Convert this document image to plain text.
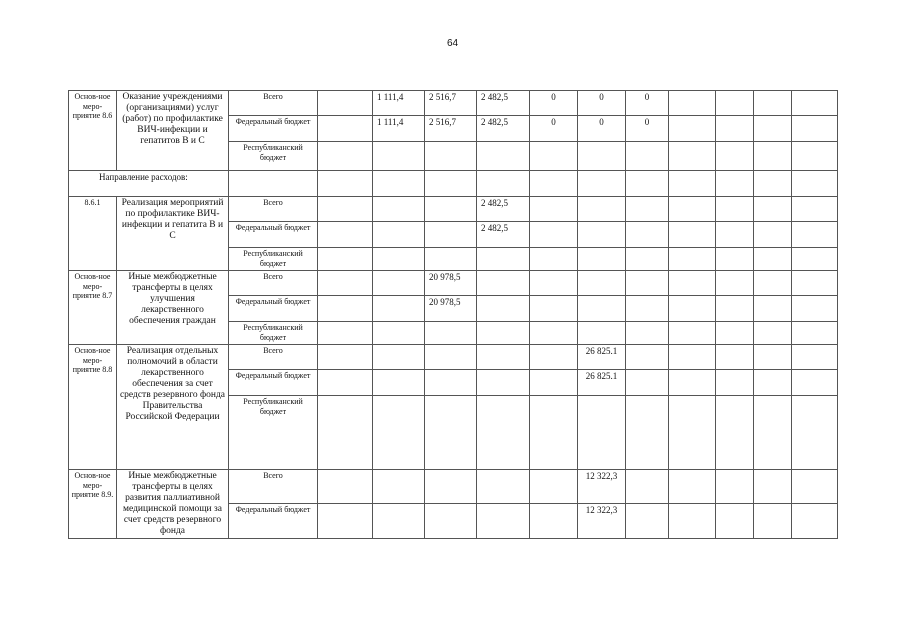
64
Основ-ное меро-приятие 8.6	Оказание учреждениями (организациями) услуг (работ) по профилактике ВИЧ-инфекции и гепатитов В и С	Всего		1 111,4	2 516,7	2 482,5	0	0	0				
		Федеральный бюджет		1 111,4	2 516,7	2 482,5	0	0	0				
		Республиканский бюджет											
Направление расходов:													
8.6.1	Реализация мероприятий по профилактике ВИЧ-инфекции и гепатита В и С	Всего				2 482,5							
		Федеральный бюджет				2 482,5							
		Республиканский бюджет											
Основ-ное меро-приятие 8.7	Иные межбюджетные трансферты в целях улучшения лекарственного обеспечения граждан	Всего			20 978,5								
		Федеральный бюджет			20 978,5								
		Республиканский бюджет											
Основ-ное меро-приятие 8.8	Реализация отдельных полномочий в области лекарственного обеспечения за счет средств резервного фонда Правительства Российской Федерации	Всего						26 825.1					
		Федеральный бюджет						26 825.1					
		Республиканский бюджет											
Основ-ное меро-приятие 8.9.	Иные межбюджетные трансферты в целях развития паллиативной медицинской помощи за счет средств резервного фонда	Всего						12 322,3					
		Федеральный бюджет						12 322,3					
